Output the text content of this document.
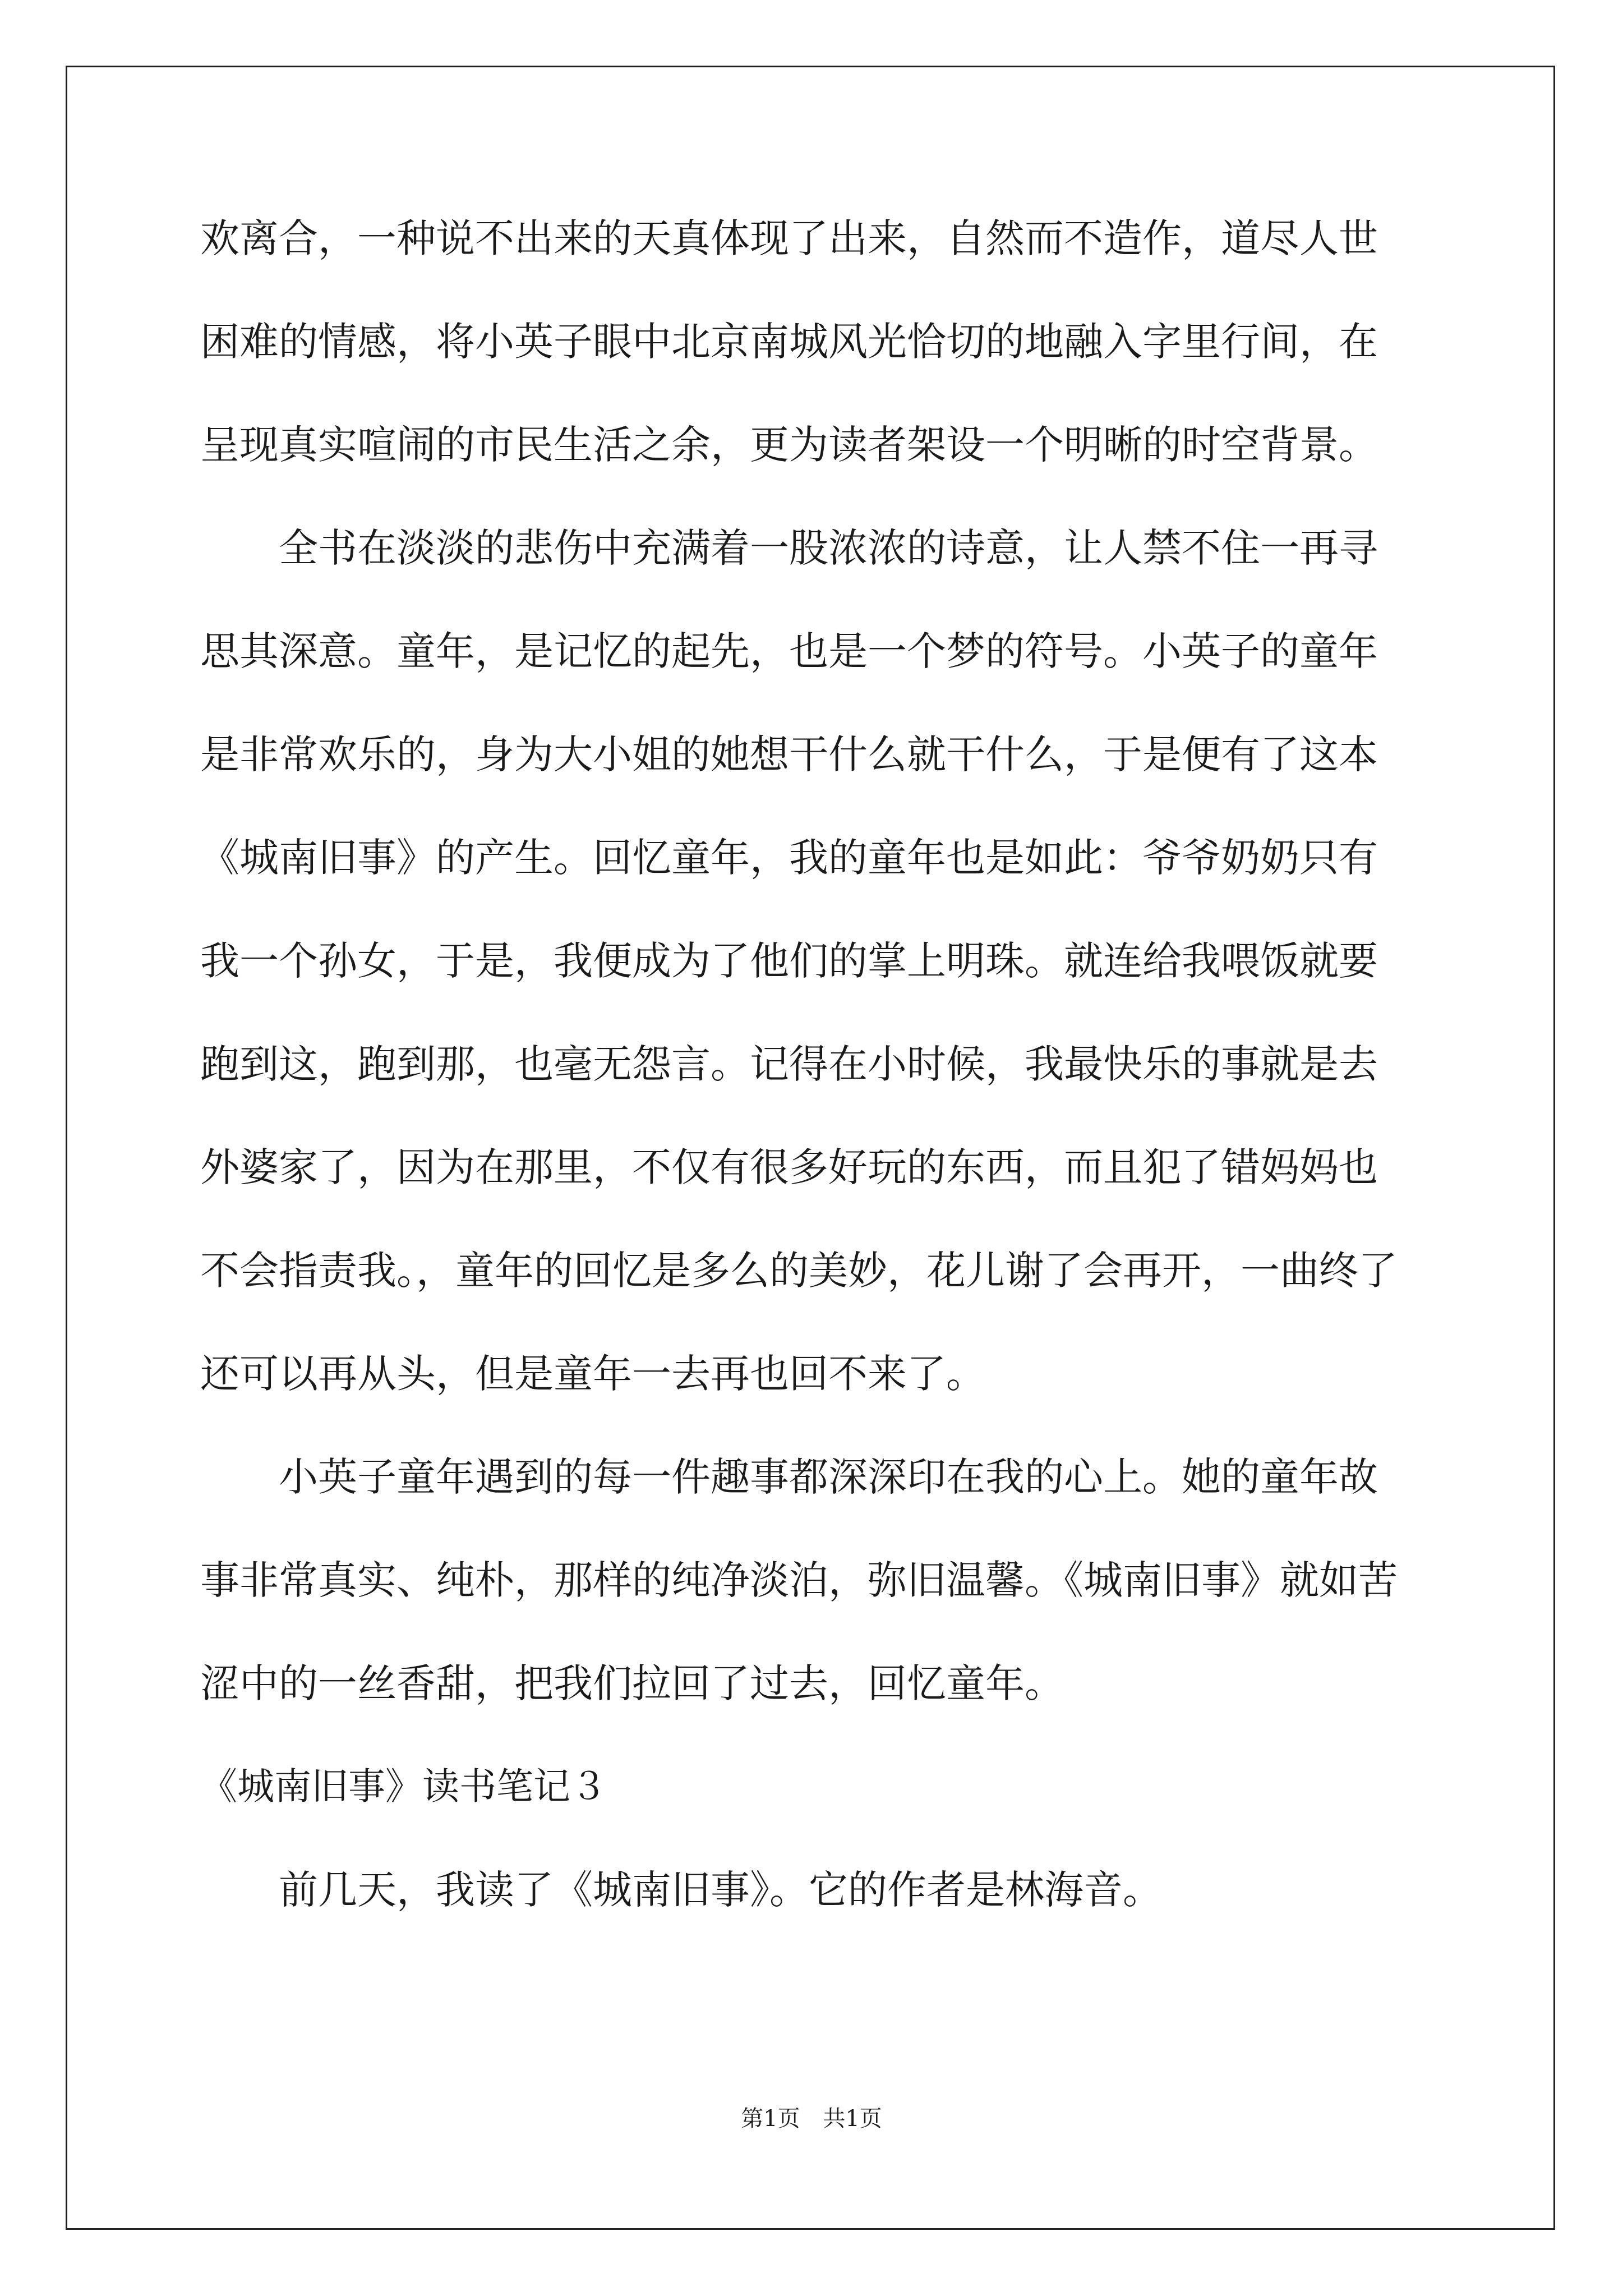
欢离合，一种说不出来的天真体现了出来，自然而不造作，道尽人世
困难的情感，将小英子眼中北京南城风光恰切的地融入字里行间，在
呈现真实喧闹的市民生活之余，更为读者架设一个明晰的时空背景。
全书在淡淡的悲伤中充满着一股浓浓的诗意，让人禁不住一再寻
思其深意。童年，是记忆的起先，也是一个梦的符号。小英子的童年
是非常欢乐的，身为大小姐的她想干什么就干什么，于是便有了这本
《城南旧事》的产生。回忆童年，我的童年也是如此：爷爷奶奶只有
我一个孙女，于是，我便成为了他们的掌上明珠。就连给我喂饭就要
跑到这，跑到那，也毫无怨言。记得在小时候，我最快乐的事就是去
外婆家了，因为在那里，不仅有很多好玩的东西，而且犯了错妈妈也
不会指责我。，童年的回忆是多么的美妙，花儿谢了会再开，一曲终了
还可以再从头，但是童年一去再也回不来了。
小英子童年遇到的每一件趣事都深深印在我的心上。她的童年故
事非常真实、纯朴，那样的纯净淡泊，弥旧温馨。《城南旧事》就如苦
涩中的一丝香甜，把我们拉回了过去，回忆童年。
《城南旧事》读书笔记３
前几天，我读了《城南旧事》。它的作者是林海音。
第1页 共1页
